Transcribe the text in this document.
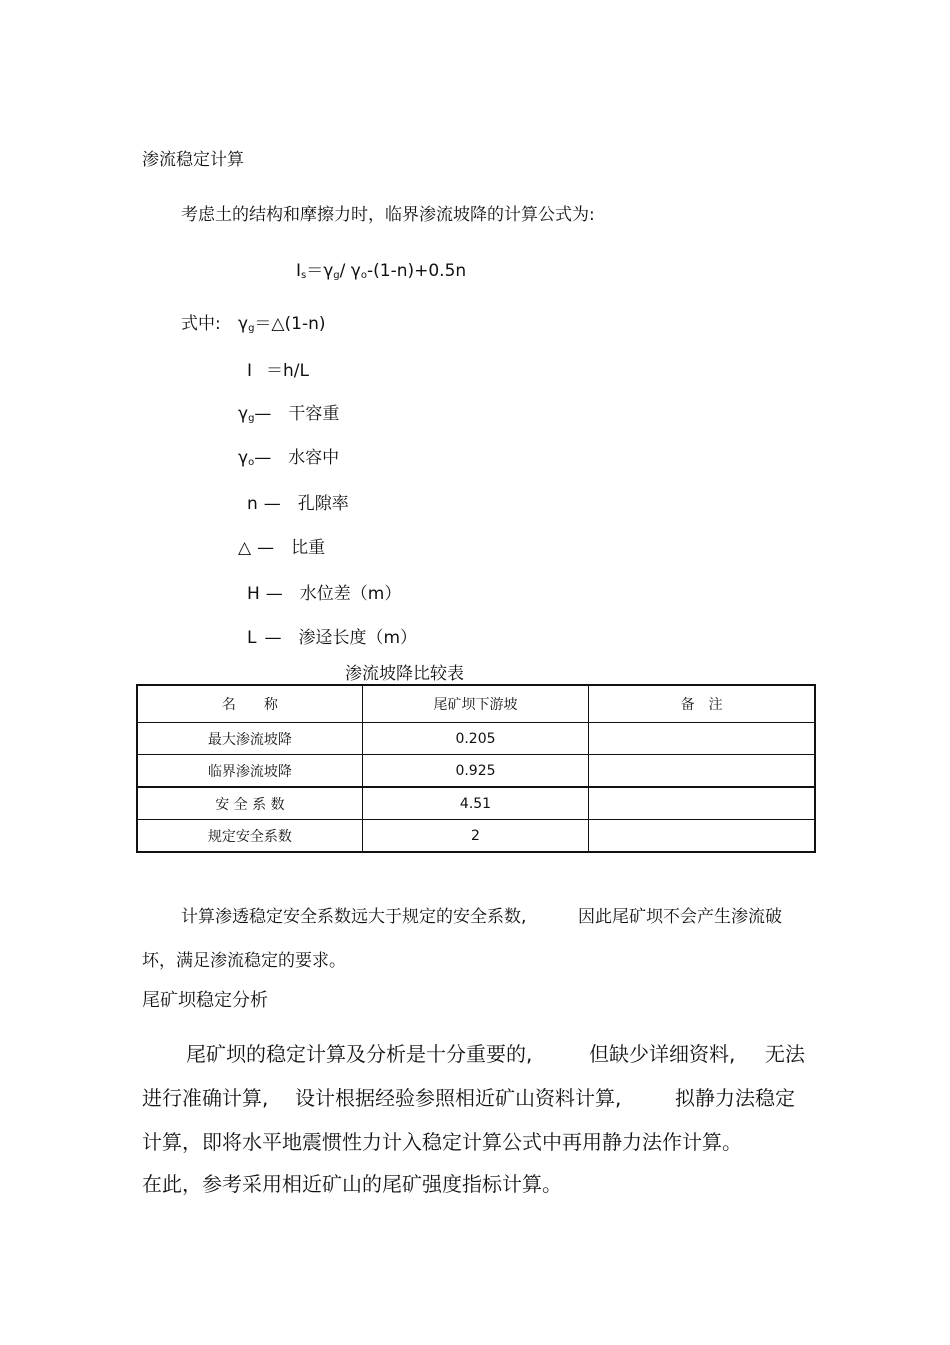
渗流稳定计算
考虑土的结构和摩擦力时，临界渗流坡降的计算公式为:
$I_s=\gamma_g/$ $\gamma_o-(1-n)+0.5n$
式中: $\gamma_g=\triangle(1-n)$
I ＝h/L
$\gamma_g—$　干容重
$\gamma_o—$　水容中
n —　孔隙率
△ —　比重
H —　水位差（m）
L —　渗迳长度（m）
渗流坡降比较表
名　　称	尾矿坝下游坡	备　注
最大渗流坡降	0.205	
临界渗流坡降	0.925	
安 全 系 数	4.51	
规定安全系数	2	
计算渗透稳定安全系数远大于规定的安全系数,	因此尾矿坝不会产生渗流破
坏，满足渗流稳定的要求。
尾矿坝稳定分析
尾矿坝的稳定计算及分析是十分重要的,	但缺少详细资料, 无法
进行准确计算, 设计根据经验参照相近矿山资料计算,	拟静力法稳定
计算，即将水平地震惯性力计入稳定计算公式中再用静力法作计算。
在此，参考采用相近矿山的尾矿强度指标计算。
